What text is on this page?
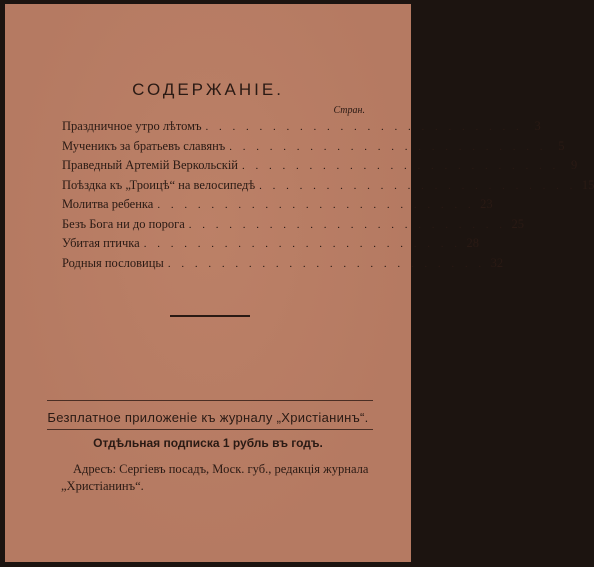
СОДЕРЖАНІЕ.
Стран.
Праздничное утро лѣтомъ . . . . . . . . . . . . . . . . . . . . . . . . 3
Мученикъ за братьевъ славянъ . . . . . . . . . . . . . . . . . . . . . . . . 5
Праведный Артемій Веркольскій . . . . . . . . . . . . . . . . . . . . . . . . 9
Поѣздка къ „Троицѣ“ на велосипедѣ . . . . . . . . . . . . . . . . . . . . . . . . 15
Молитва ребенка . . . . . . . . . . . . . . . . . . . . . . . . 23
Безъ Бога ни до порога . . . . . . . . . . . . . . . . . . . . . . . . 25
Убитая птичка . . . . . . . . . . . . . . . . . . . . . . . . 28
Родныя пословицы . . . . . . . . . . . . . . . . . . . . . . . . 32
Безплатное приложеніе къ журналу „Христіанинъ“.
Отдѣльная подписка 1 рубль въ годъ.
Адресъ: Сергіевъ посадъ, Моск. губ., редакція журнала „Христіанинъ“.
